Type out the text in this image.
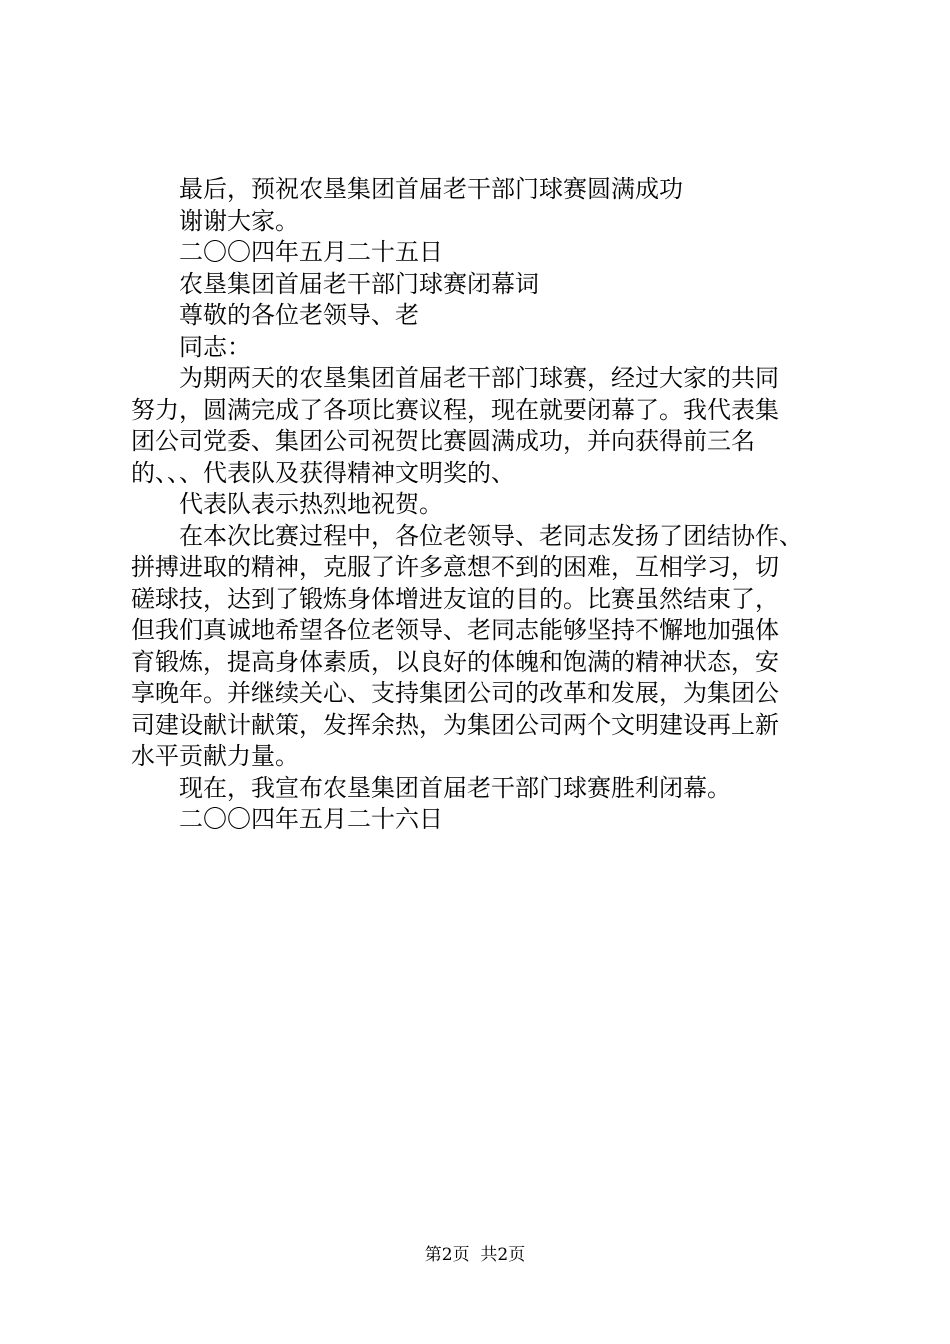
最后，预祝农垦集团首届老干部门球赛圆满成功
谢谢大家。
二〇〇四年五月二十五日
农垦集团首届老干部门球赛闭幕词
尊敬的各位老领导、老
同志：
为期两天的农垦集团首届老干部门球赛，经过大家的共同
努力，圆满完成了各项比赛议程，现在就要闭幕了。我代表集
团公司党委、集团公司祝贺比赛圆满成功，并向获得前三名
的、、、代表队及获得精神文明奖的、
代表队表示热烈地祝贺。
在本次比赛过程中，各位老领导、老同志发扬了团结协作、
拼搏进取的精神，克服了许多意想不到的困难，互相学习，切
磋球技，达到了锻炼身体增进友谊的目的。比赛虽然结束了，
但我们真诚地希望各位老领导、老同志能够坚持不懈地加强体
育锻炼，提高身体素质，以良好的体魄和饱满的精神状态，安
享晚年。并继续关心、支持集团公司的改革和发展，为集团公
司建设献计献策，发挥余热，为集团公司两个文明建设再上新
水平贡献力量。
现在，我宣布农垦集团首届老干部门球赛胜利闭幕。
二〇〇四年五月二十六日
第2页  共2页
